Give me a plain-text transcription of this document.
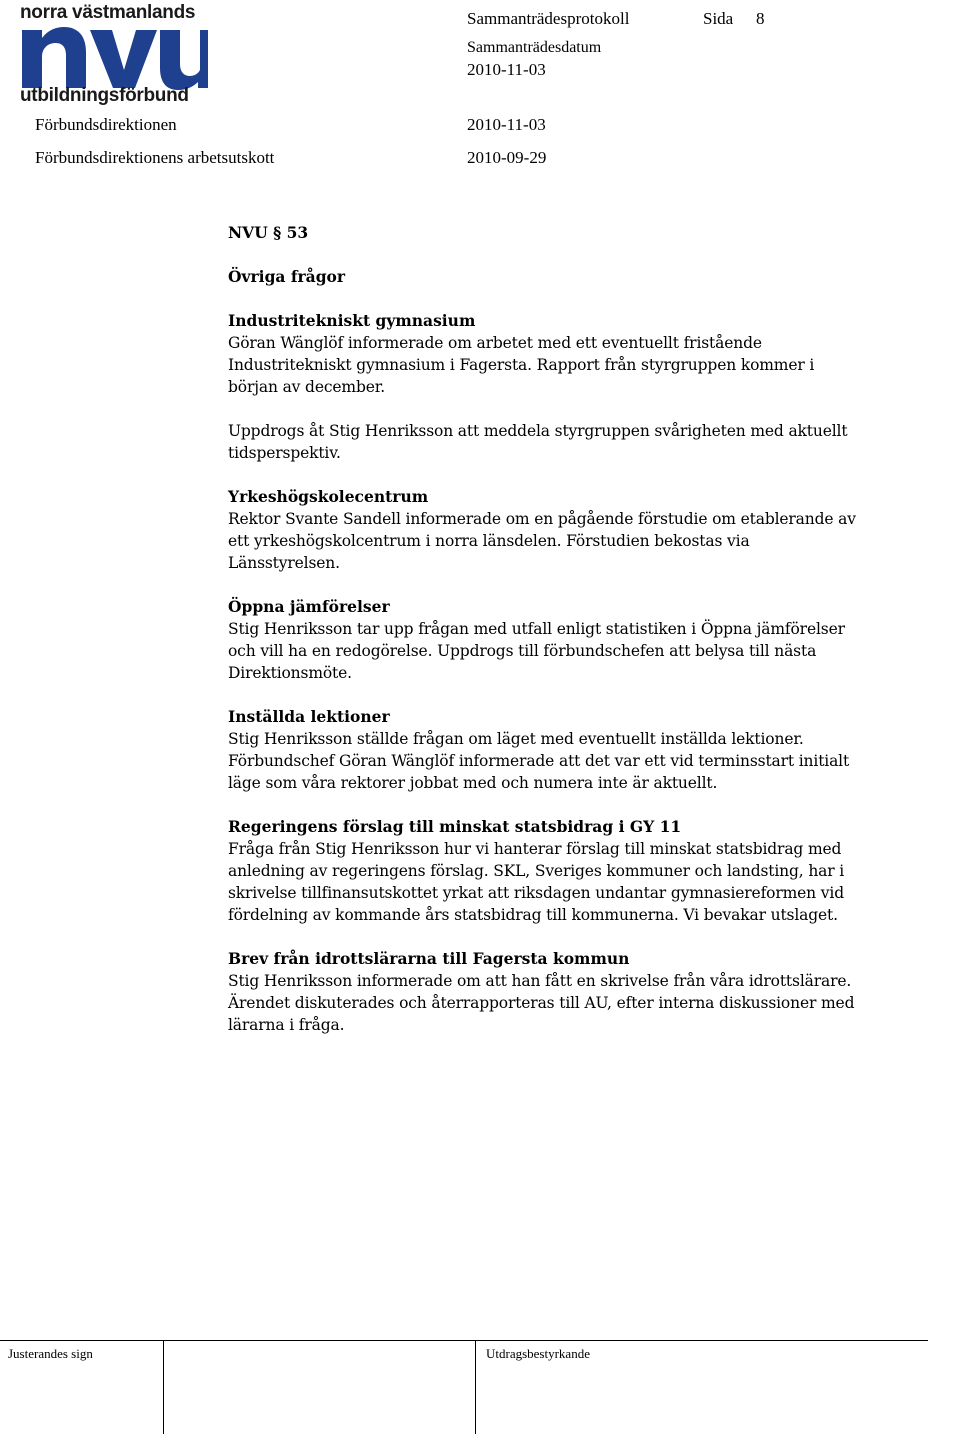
norra västmanlands
utbildningsförbund
Sammanträdesprotokoll	Sida 8
Sammanträdesdatum
2010-11-03
Förbundsdirektionen	2010-11-03
Förbundsdirektionens arbetsutskott	2010-09-29
NVU § 53
Övriga frågor
Industritekniskt gymnasium
Göran Wänglöf informerade om arbetet med ett eventuellt fristående
Industritekniskt gymnasium i Fagersta. Rapport från styrgruppen kommer i
början av december.
Uppdrogs åt Stig Henriksson att meddela styrgruppen svårigheten med aktuellt
tidsperspektiv.
Yrkeshögskolecentrum
Rektor Svante Sandell informerade om en pågående förstudie om etablerande av
ett yrkeshögskolcentrum i norra länsdelen. Förstudien bekostas via
Länsstyrelsen.
Öppna jämförelser
Stig Henriksson tar upp frågan med utfall enligt statistiken i Öppna jämförelser
och vill ha en redogörelse. Uppdrogs till förbundschefen att belysa till nästa
Direktionsmöte.
Inställda lektioner
Stig Henriksson ställde frågan om läget med eventuellt inställda lektioner.
Förbundschef Göran Wänglöf informerade att det var ett vid terminsstart initialt
läge som våra rektorer jobbat med och numera inte är aktuellt.
Regeringens förslag till minskat statsbidrag i GY 11
Fråga från Stig Henriksson hur vi hanterar förslag till minskat statsbidrag med
anledning av regeringens förslag. SKL, Sveriges kommuner och landsting, har i
skrivelse tillfinansutskottet yrkat att riksdagen undantar gymnasiereformen vid
fördelning av kommande års statsbidrag till kommunerna. Vi bevakar utslaget.
Brev från idrottslärarna till Fagersta kommun
Stig Henriksson informerade om att han fått en skrivelse från våra idrottslärare.
Ärendet diskuterades och återrapporteras till AU, efter interna diskussioner med
lärarna i fråga.
Justerandes sign	Utdragsbestyrkande
